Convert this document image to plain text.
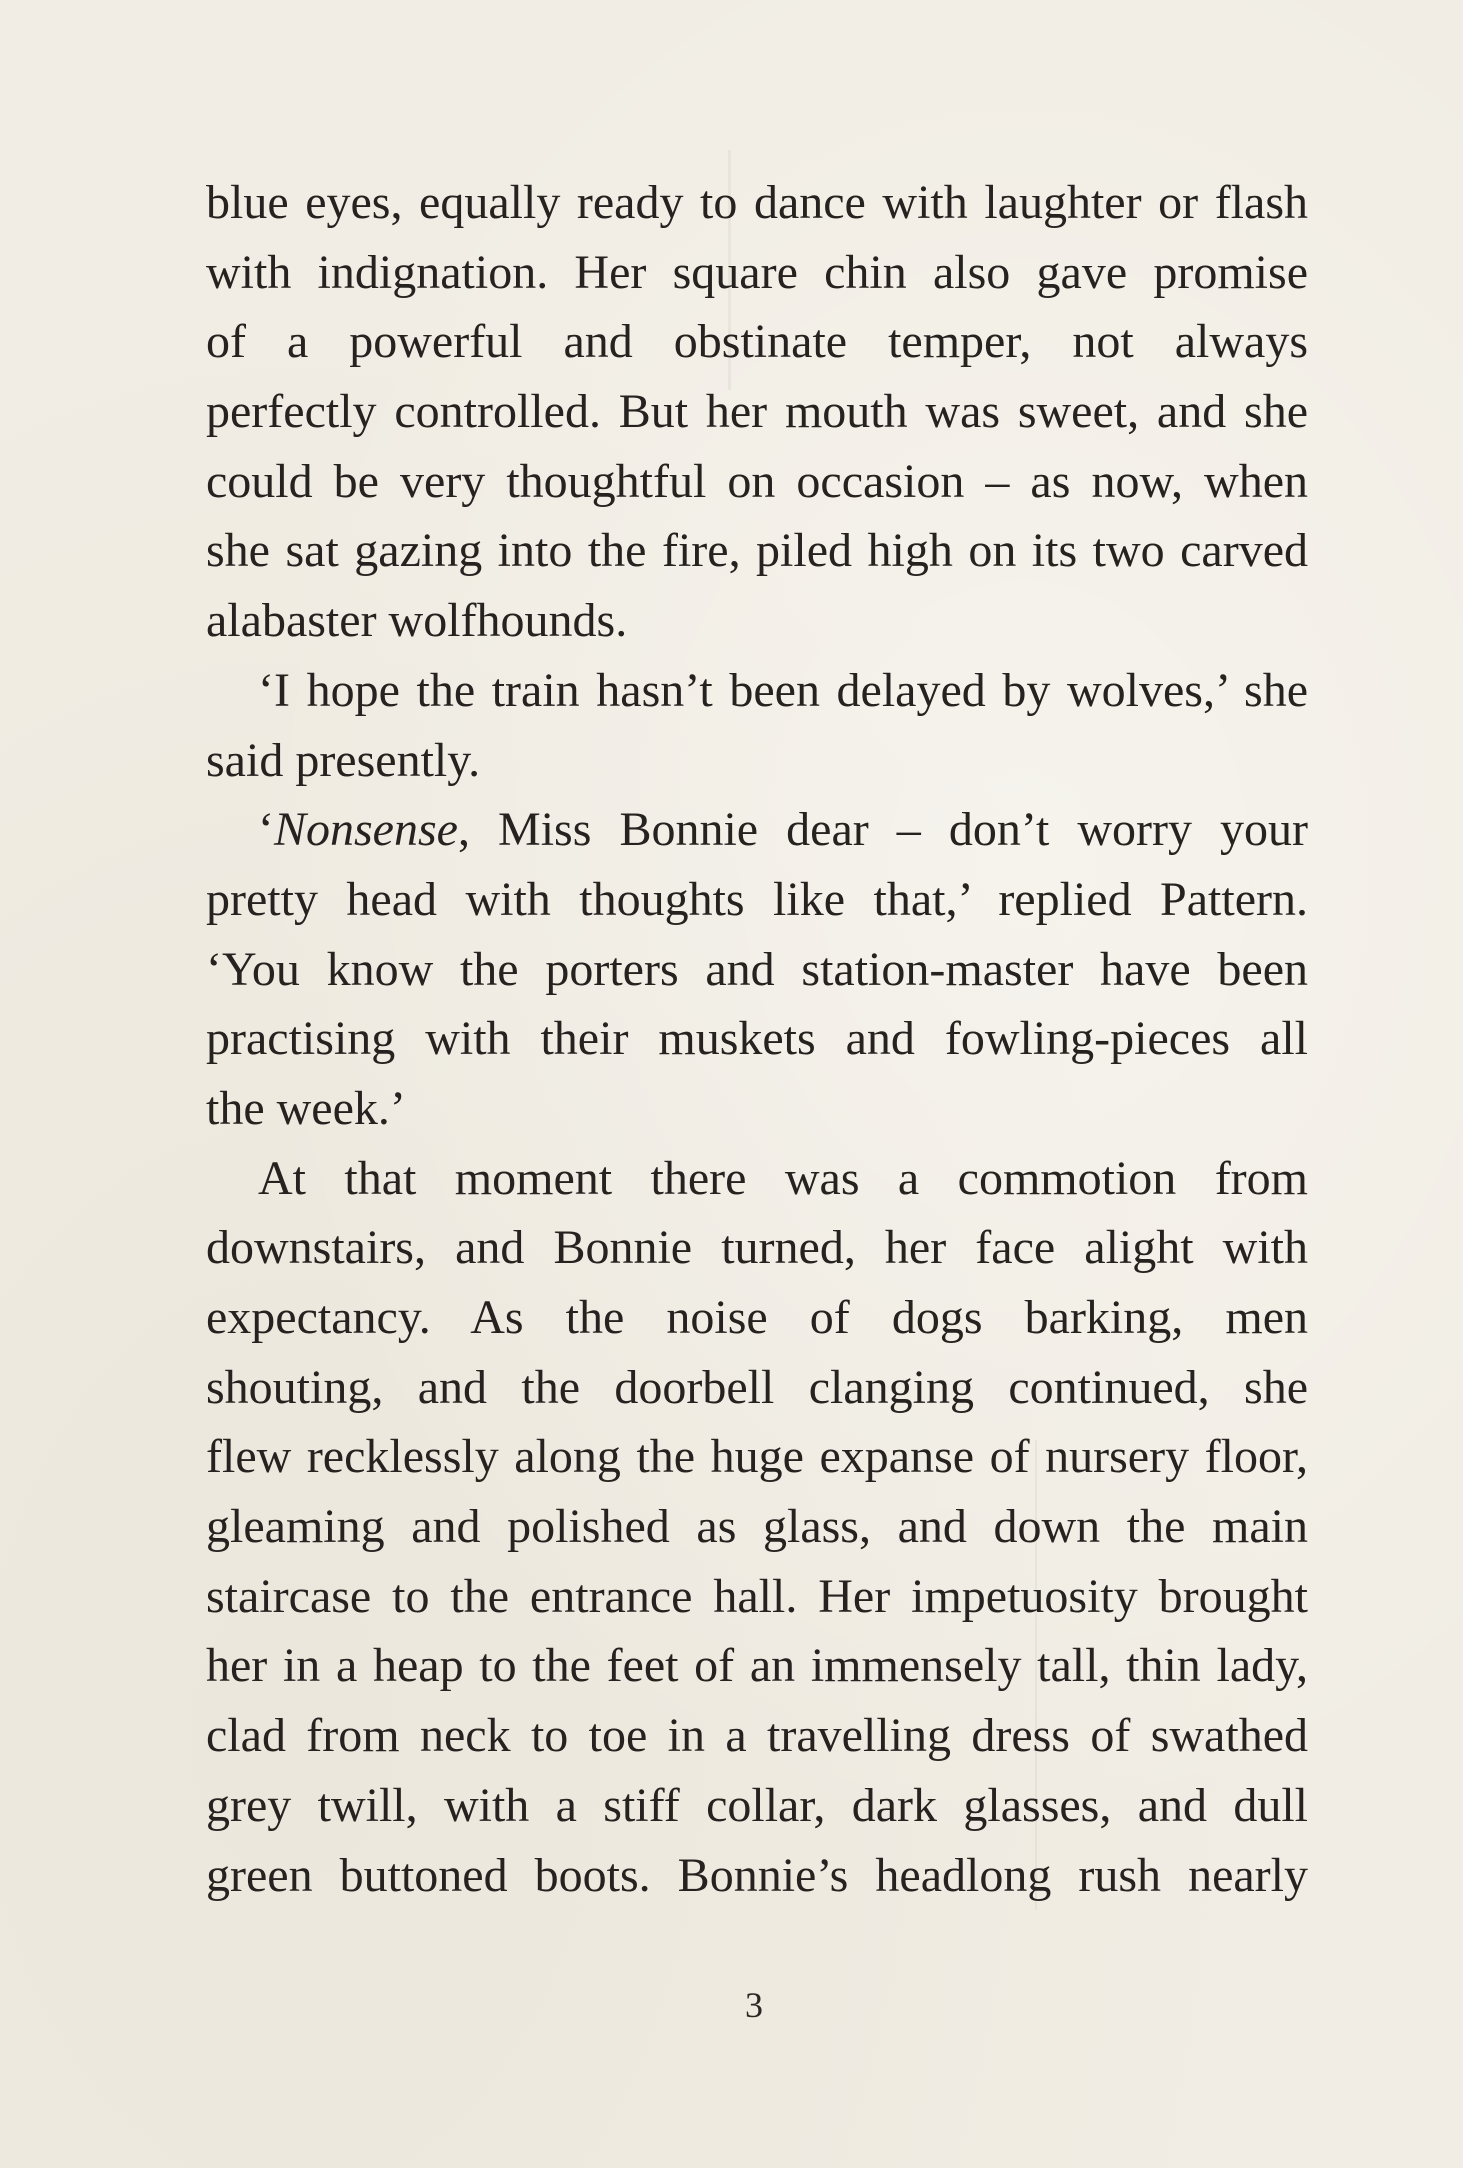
blue eyes, equally ready to dance with laughter or flash
with indignation. Her square chin also gave promise
of a powerful and obstinate temper, not always
perfectly controlled. But her mouth was sweet, and she
could be very thoughtful on occasion – as now, when
she sat gazing into the fire, piled high on its two carved
alabaster wolfhounds.
‘I hope the train hasn’t been delayed by wolves,’ she
said presently.
‘Nonsense, Miss Bonnie dear – don’t worry your
pretty head with thoughts like that,’ replied Pattern.
‘You know the porters and station-master have been
practising with their muskets and fowling-pieces all
the week.’
At that moment there was a commotion from
downstairs, and Bonnie turned, her face alight with
expectancy. As the noise of dogs barking, men
shouting, and the doorbell clanging continued, she
flew recklessly along the huge expanse of nursery floor,
gleaming and polished as glass, and down the main
staircase to the entrance hall. Her impetuosity brought
her in a heap to the feet of an immensely tall, thin lady,
clad from neck to toe in a travelling dress of swathed
grey twill, with a stiff collar, dark glasses, and dull
green buttoned boots. Bonnie’s headlong rush nearly
3
